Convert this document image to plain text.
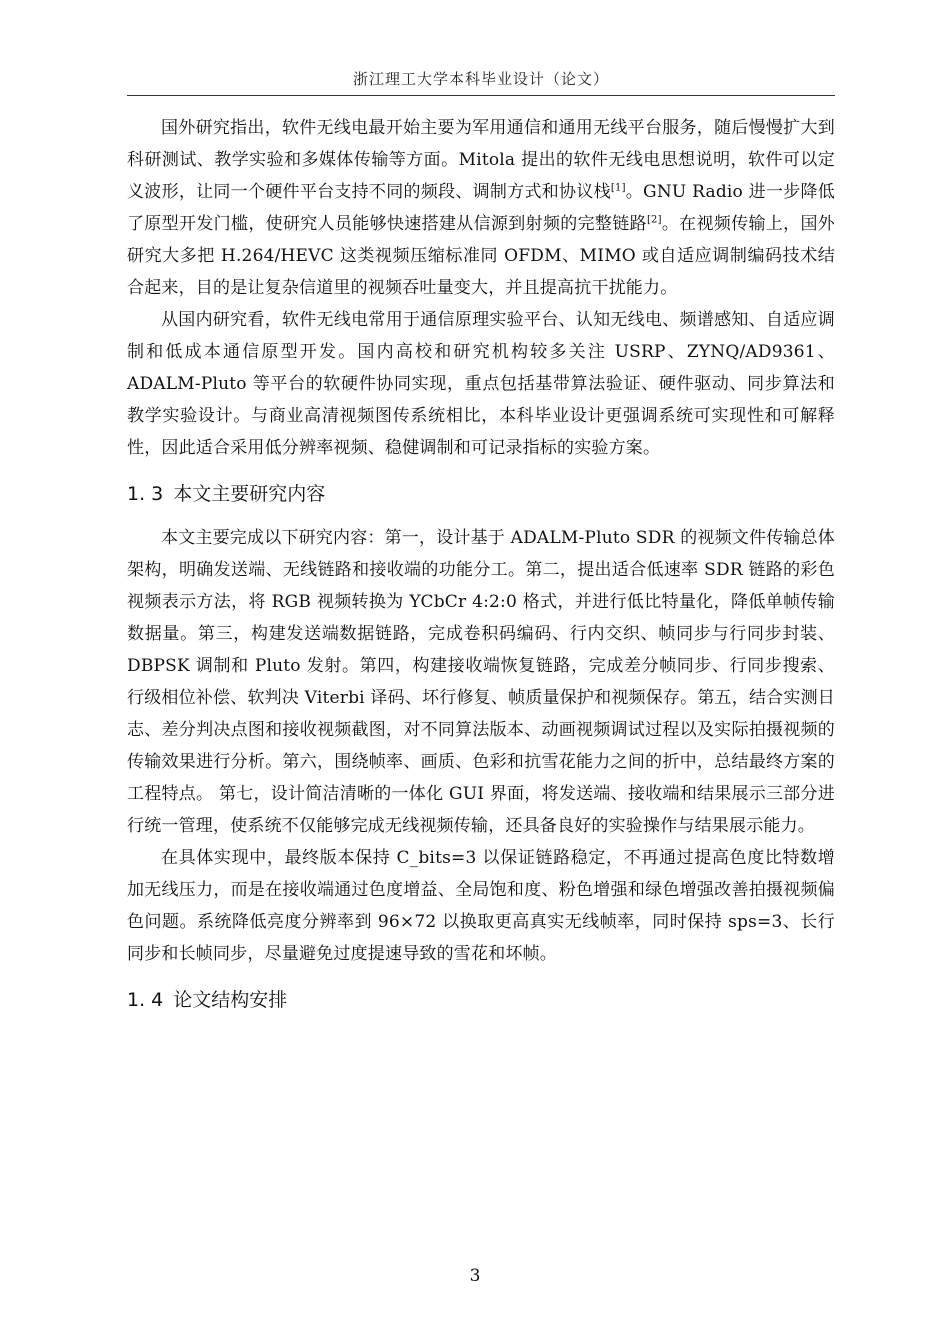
浙江理工大学本科毕业设计（论文）

国外研究指出，软件无线电最开始主要为军用通信和通用无线平台服务，随后慢慢扩大到科研测试、教学实验和多媒体传输等方面。Mitola 提出的软件无线电思想说明，软件可以定义波形，让同一个硬件平台支持不同的频段、调制方式和协议栈[1]。GNU Radio 进一步降低了原型开发门槛，使研究人员能够快速搭建从信源到射频的完整链路[2]。在视频传输上，国外研究大多把 H.264/HEVC 这类视频压缩标准同 OFDM、MIMO 或自适应调制编码技术结合起来，目的是让复杂信道里的视频吞吐量变大，并且提高抗干扰能力。

从国内研究看，软件无线电常用于通信原理实验平台、认知无线电、频谱感知、自适应调制和低成本通信原型开发。国内高校和研究机构较多关注 USRP、ZYNQ/AD9361、ADALM-Pluto 等平台的软硬件协同实现，重点包括基带算法验证、硬件驱动、同步算法和教学实验设计。与商业高清视频图传系统相比，本科毕业设计更强调系统可实现性和可解释性，因此适合采用低分辨率视频、稳健调制和可记录指标的实验方案。

1. 3 本文主要研究内容

本文主要完成以下研究内容：第一，设计基于 ADALM-Pluto SDR 的视频文件传输总体架构，明确发送端、无线链路和接收端的功能分工。第二，提出适合低速率 SDR 链路的彩色视频表示方法，将 RGB 视频转换为 YCbCr 4:2:0 格式，并进行低比特量化，降低单帧传输数据量。第三，构建发送端数据链路，完成卷积码编码、行内交织、帧同步与行同步封装、DBPSK 调制和 Pluto 发射。第四，构建接收端恢复链路，完成差分帧同步、行同步搜索、行级相位补偿、软判决 Viterbi 译码、坏行修复、帧质量保护和视频保存。第五，结合实测日志、差分判决点图和接收视频截图，对不同算法版本、动画视频调试过程以及实际拍摄视频的传输效果进行分析。第六，围绕帧率、画质、色彩和抗雪花能力之间的折中，总结最终方案的工程特点。 第七，设计简洁清晰的一体化 GUI 界面，将发送端、接收端和结果展示三部分进行统一管理，使系统不仅能够完成无线视频传输，还具备良好的实验操作与结果展示能力。

在具体实现中，最终版本保持 C_bits=3 以保证链路稳定，不再通过提高色度比特数增加无线压力，而是在接收端通过色度增益、全局饱和度、粉色增强和绿色增强改善拍摄视频偏色问题。系统降低亮度分辨率到 96×72 以换取更高真实无线帧率，同时保持 sps=3、长行同步和长帧同步，尽量避免过度提速导致的雪花和坏帧。

1. 4 论文结构安排
3
